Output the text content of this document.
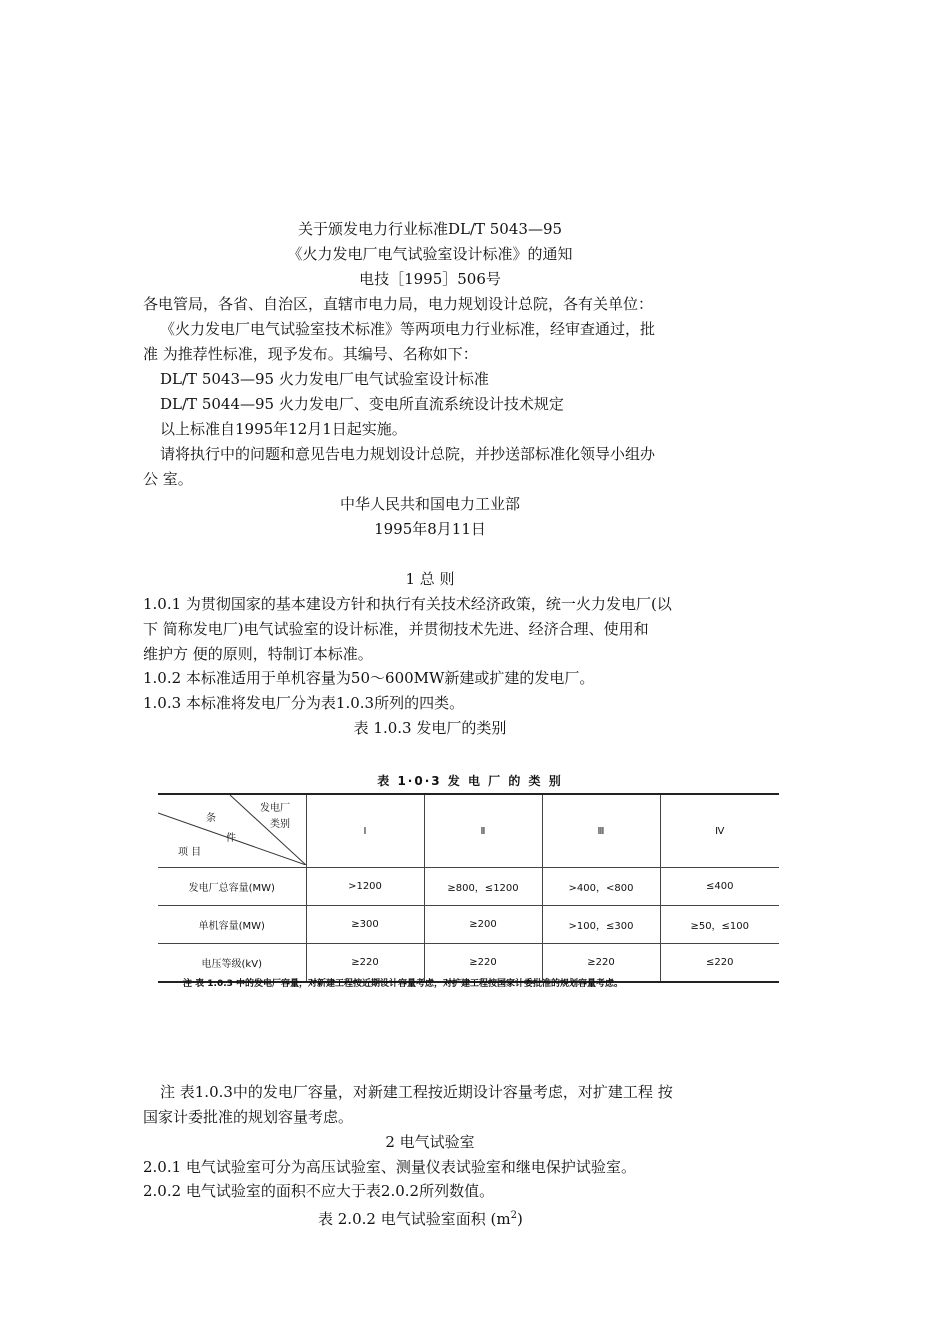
关于颁发电力行业标准DL/T 5043—95
《火力发电厂电气试验室设计标准》的通知
电技［1995］506号
各电管局，各省、自治区，直辖市电力局，电力规划设计总院，各有关单位：
《火力发电厂电气试验室技术标准》等两项电力行业标准，经审查通过，批
准 为推荐性标准，现予发布。其编号、名称如下：
DL/T 5043—95 火力发电厂电气试验室设计标准
DL/T 5044—95 火力发电厂、变电所直流系统设计技术规定
以上标准自1995年12月1日起实施。
请将执行中的问题和意见告电力规划设计总院，并抄送部标准化领导小组办
公 室。
中华人民共和国电力工业部
1995年8月11日
1 总 则
1.0.1 为贯彻国家的基本建设方针和执行有关技术经济政策，统一火力发电厂(以
下 简称发电厂)电气试验室的设计标准，并贯彻技术先进、经济合理、使用和
维护方 便的原则，特制订本标准。
1.0.2 本标准适用于单机容量为50～600MW新建或扩建的发电厂。
1.0.3 本标准将发电厂分为表1.0.3所列的四类。
表 1.0.3 发电厂的类别
表 1·0·3 发 电 厂 的 类 别
发电厂
类别
条
件
项 目	Ⅰ	Ⅱ	Ⅲ	Ⅳ
发电厂总容量(MW)	>1200	≥800，≤1200	>400，<800	≤400
单机容量(MW)	≥300	≥200	>100，≤300	≥50，≤100
电压等级(kV)	≥220	≥220	≥220	≤220
注 表 1.0.3 中的发电厂容量，对新建工程按近期设计容量考虑，对扩建工程按国家计委批准的规划容量考虑。
注 表1.0.3中的发电厂容量，对新建工程按近期设计容量考虑，对扩建工程 按
国家计委批准的规划容量考虑。
2 电气试验室
2.0.1 电气试验室可分为高压试验室、测量仪表试验室和继电保护试验室。
2.0.2 电气试验室的面积不应大于表2.0.2所列数值。
表 2.0.2 电气试验室面积 $(m^2)$
